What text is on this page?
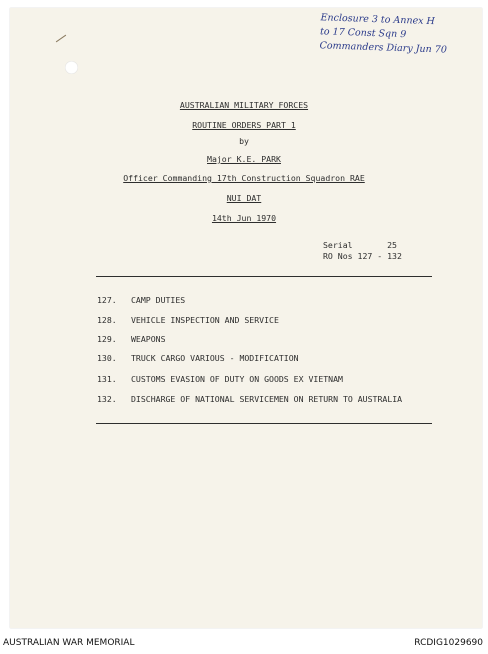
Enclosure 3 to Annex H
to 17 Const Sqn 9
Commanders Diary Jun 70
AUSTRALIAN MILITARY FORCES
ROUTINE ORDERS PART 1
by
Major K.E. PARK
Officer Commanding 17th Construction Squadron RAE
NUI DAT
14th Jun 1970
Serial	25
RO Nos 127 - 132
127. CAMP DUTIES
128. VEHICLE INSPECTION AND SERVICE
129. WEAPONS
130. TRUCK CARGO VARIOUS - MODIFICATION
131. CUSTOMS EVASION OF DUTY ON GOODS EX VIETNAM
132. DISCHARGE OF NATIONAL SERVICEMEN ON RETURN TO AUSTRALIA
AUSTRALIAN WAR MEMORIAL	RCDIG1029690
